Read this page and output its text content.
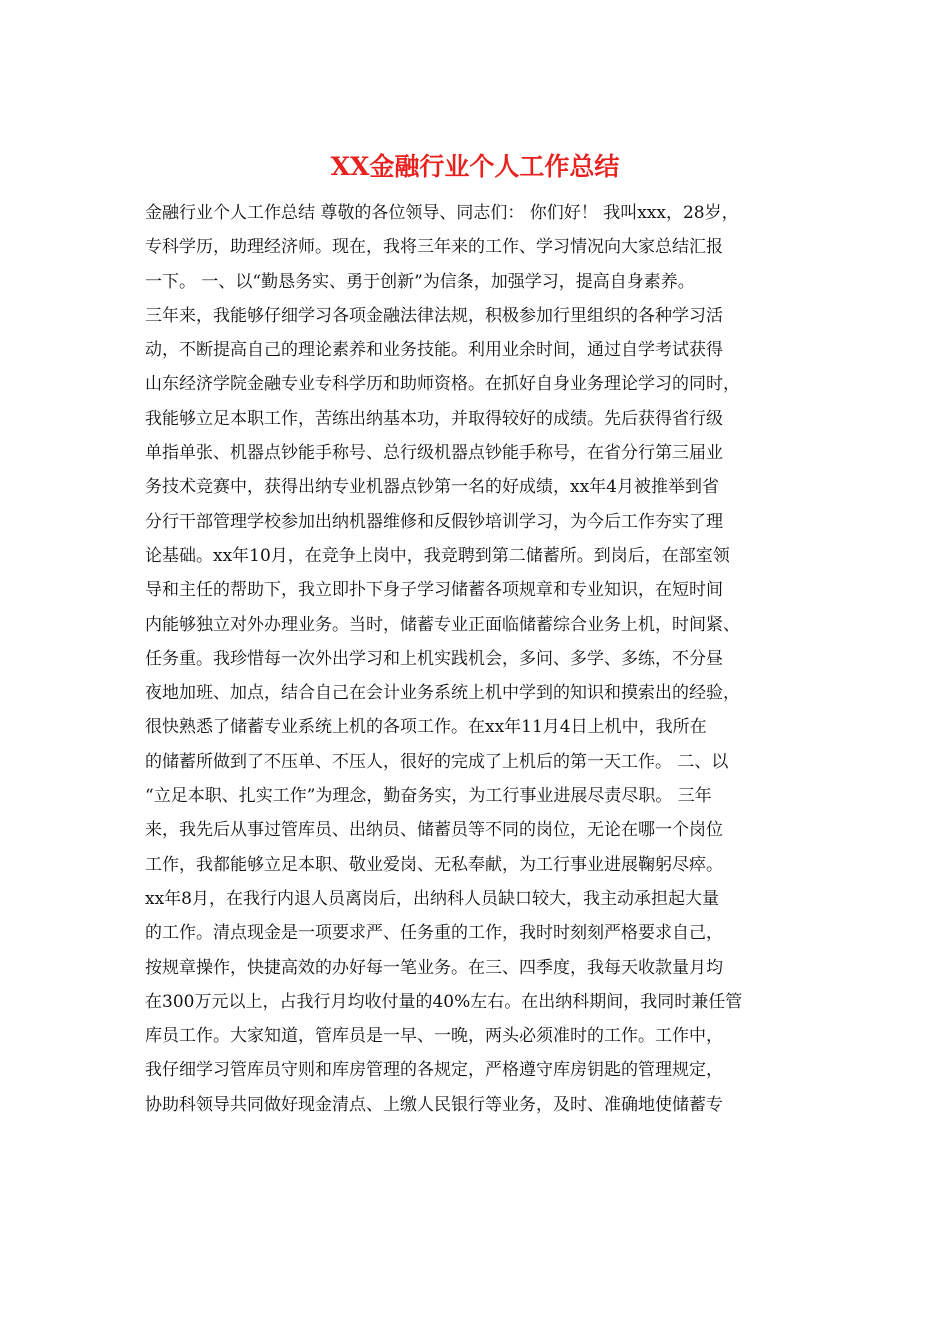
XX金融行业个人工作总结
金融行业个人工作总结 尊敬的各位领导、同志们： 你们好！ 我叫xxx，28岁，
专科学历，助理经济师。现在，我将三年来的工作、学习情况向大家总结汇报
一下。 一、以“勤恳务实、勇于创新”为信条，加强学习，提高自身素养。
三年来，我能够仔细学习各项金融法律法规，积极参加行里组织的各种学习活
动，不断提高自己的理论素养和业务技能。利用业余时间，通过自学考试获得
山东经济学院金融专业专科学历和助师资格。在抓好自身业务理论学习的同时，
我能够立足本职工作，苦练出纳基本功，并取得较好的成绩。先后获得省行级
单指单张、机器点钞能手称号、总行级机器点钞能手称号，在省分行第三届业
务技术竞赛中，获得出纳专业机器点钞第一名的好成绩，xx年4月被推举到省
分行干部管理学校参加出纳机器维修和反假钞培训学习，为今后工作夯实了理
论基础。xx年10月，在竞争上岗中，我竞聘到第二储蓄所。到岗后，在部室领
导和主任的帮助下，我立即扑下身子学习储蓄各项规章和专业知识，在短时间
内能够独立对外办理业务。当时，储蓄专业正面临储蓄综合业务上机，时间紧、
任务重。我珍惜每一次外出学习和上机实践机会，多问、多学、多练，不分昼
夜地加班、加点，结合自己在会计业务系统上机中学到的知识和摸索出的经验，
很快熟悉了储蓄专业系统上机的各项工作。在xx年11月4日上机中，我所在
的储蓄所做到了不压单、不压人，很好的完成了上机后的第一天工作。 二、以
“立足本职、扎实工作”为理念，勤奋务实，为工行事业进展尽责尽职。 三年
来，我先后从事过管库员、出纳员、储蓄员等不同的岗位，无论在哪一个岗位
工作，我都能够立足本职、敬业爱岗、无私奉献，为工行事业进展鞠躬尽瘁。
xx年8月，在我行内退人员离岗后，出纳科人员缺口较大，我主动承担起大量
的工作。清点现金是一项要求严、任务重的工作，我时时刻刻严格要求自己，
按规章操作，快捷高效的办好每一笔业务。在三、四季度，我每天收款量月均
在300万元以上，占我行月均收付量的40%左右。在出纳科期间，我同时兼任管
库员工作。大家知道，管库员是一早、一晚，两头必须准时的工作。工作中，
我仔细学习管库员守则和库房管理的各规定，严格遵守库房钥匙的管理规定，
协助科领导共同做好现金清点、上缴人民银行等业务，及时、准确地使储蓄专
